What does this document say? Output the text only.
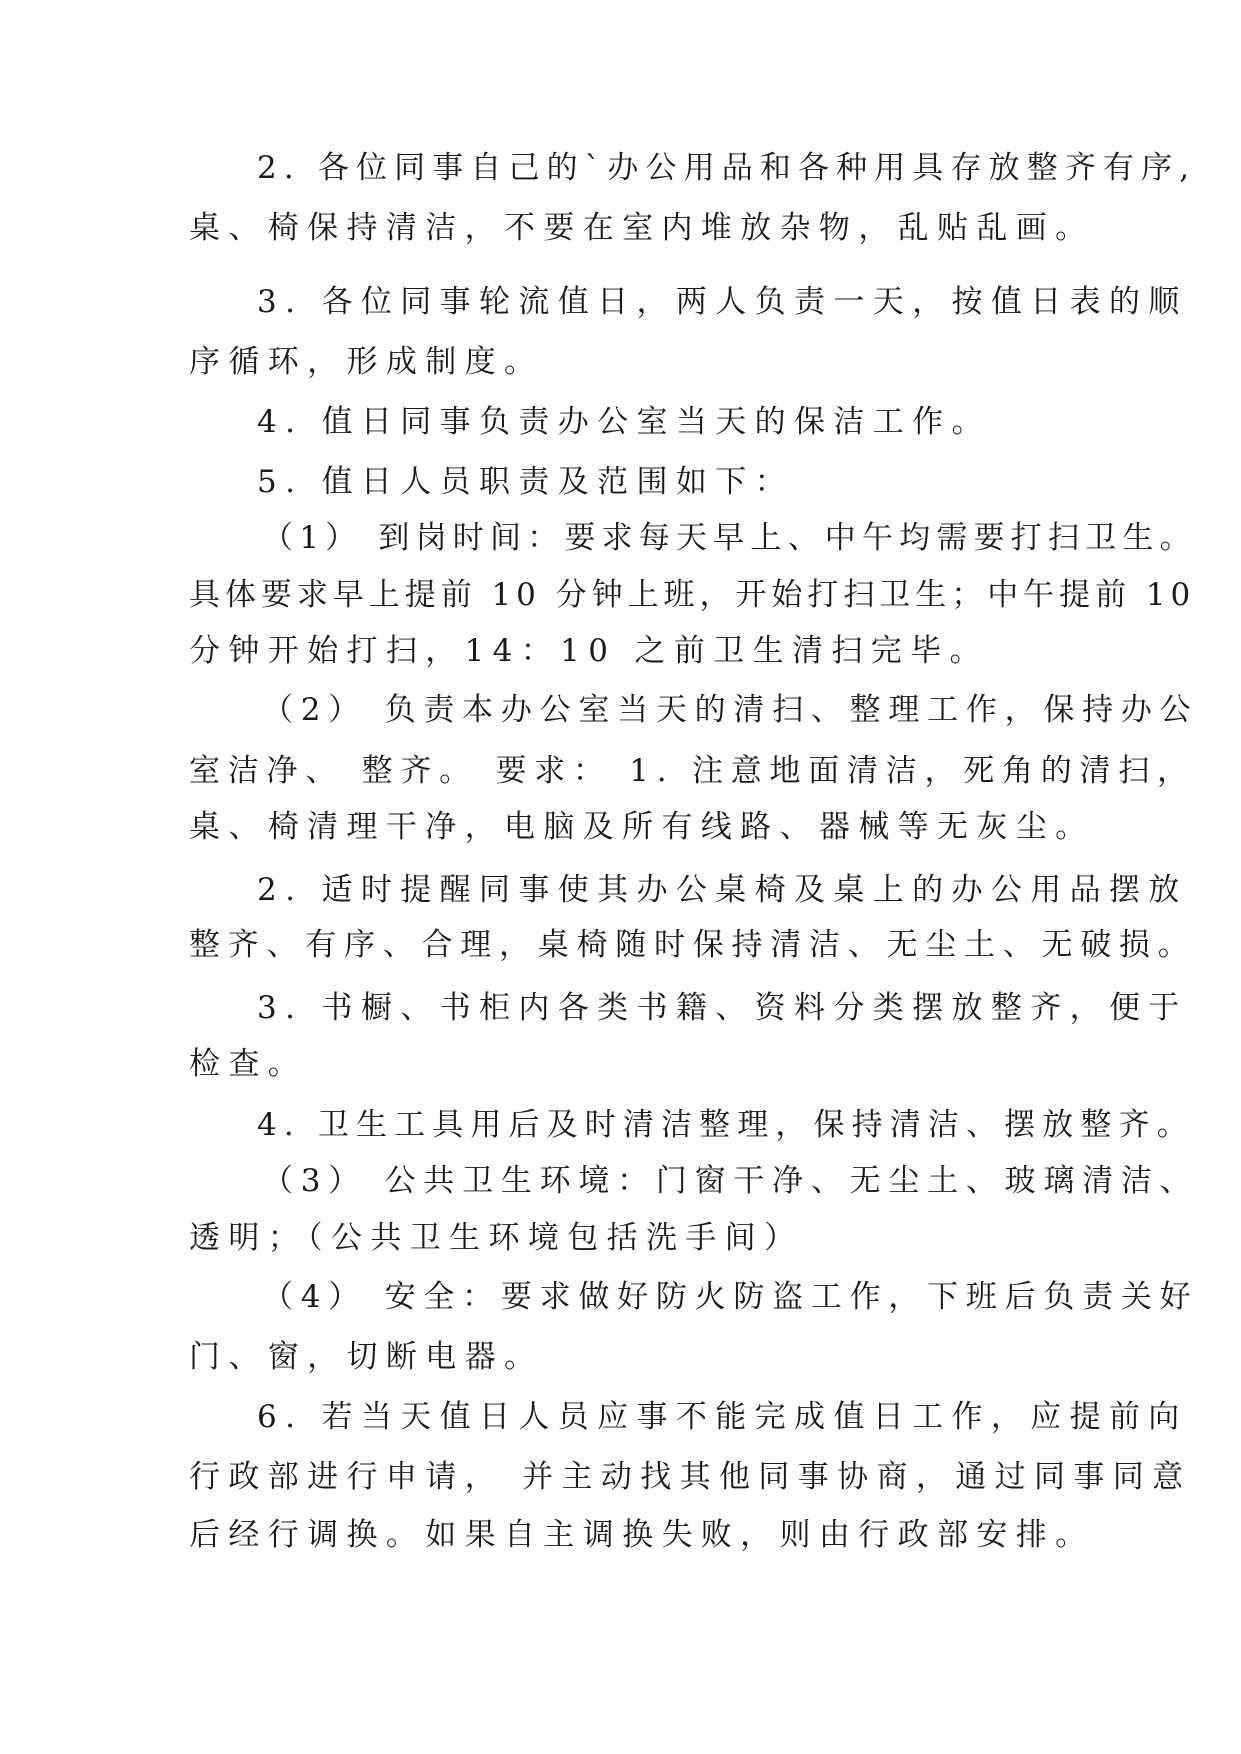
2. 各位同事自己的`办公用品和各种用具存放整齐有序,
桌、椅保持清洁，不要在室内堆放杂物，乱贴乱画。
3. 各位同事轮流值日，两人负责一天，按值日表的顺
序循环，形成制度。
4. 值日同事负责办公室当天的保洁工作。
5. 值日人员职责及范围如下：
（1） 到岗时间：要求每天早上、中午均需要打扫卫生。
具体要求早上提前 10 分钟上班，开始打扫卫生；中午提前 10
分钟开始打扫，14：10 之前卫生清扫完毕。
（2） 负责本办公室当天的清扫、整理工作，保持办公
室洁净、 整齐。 要求： 1. 注意地面清洁，死角的清扫，
桌、椅清理干净，电脑及所有线路、器械等无灰尘。
2. 适时提醒同事使其办公桌椅及桌上的办公用品摆放
整齐、有序、合理，桌椅随时保持清洁、无尘土、无破损。
3. 书橱、书柜内各类书籍、资料分类摆放整齐，便于
检查。
4. 卫生工具用后及时清洁整理，保持清洁、摆放整齐。
（3） 公共卫生环境：门窗干净、无尘土、玻璃清洁、
透明；（公共卫生环境包括洗手间）
（4） 安全：要求做好防火防盗工作，下班后负责关好
门、窗，切断电器。
6. 若当天值日人员应事不能完成值日工作，应提前向
行政部进行申请， 并主动找其他同事协商，通过同事同意
后经行调换。如果自主调换失败，则由行政部安排。
